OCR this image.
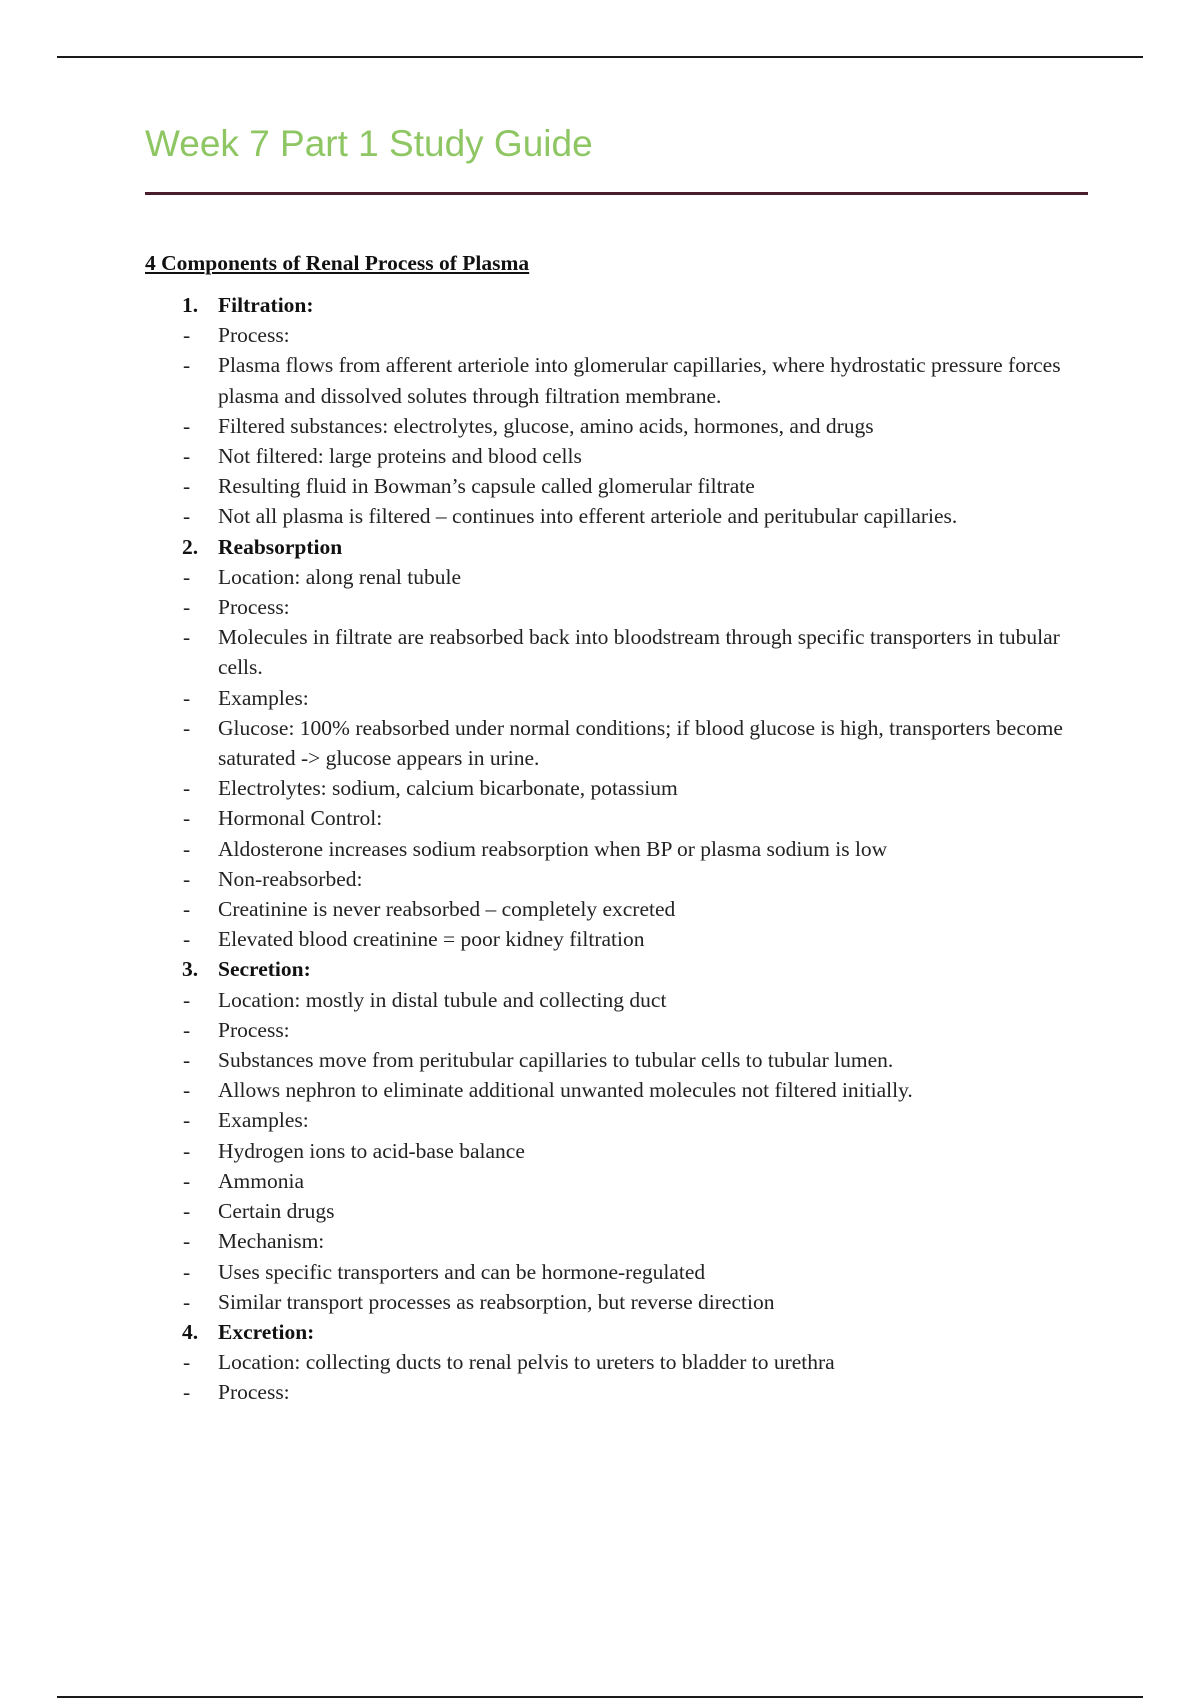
Week 7 Part 1 Study Guide
4 Components of Renal Process of Plasma
1. Filtration:
- Process:
- Plasma flows from afferent arteriole into glomerular capillaries, where hydrostatic pressure forces plasma and dissolved solutes through filtration membrane.
- Filtered substances: electrolytes, glucose, amino acids, hormones, and drugs
- Not filtered: large proteins and blood cells
- Resulting fluid in Bowman’s capsule called glomerular filtrate
- Not all plasma is filtered – continues into efferent arteriole and peritubular capillaries.
2. Reabsorption
- Location: along renal tubule
- Process:
- Molecules in filtrate are reabsorbed back into bloodstream through specific transporters in tubular cells.
- Examples:
- Glucose: 100% reabsorbed under normal conditions; if blood glucose is high, transporters become saturated -> glucose appears in urine.
- Electrolytes: sodium, calcium bicarbonate, potassium
- Hormonal Control:
- Aldosterone increases sodium reabsorption when BP or plasma sodium is low
- Non-reabsorbed:
- Creatinine is never reabsorbed – completely excreted
- Elevated blood creatinine = poor kidney filtration
3. Secretion:
- Location: mostly in distal tubule and collecting duct
- Process:
- Substances move from peritubular capillaries to tubular cells to tubular lumen.
- Allows nephron to eliminate additional unwanted molecules not filtered initially.
- Examples:
- Hydrogen ions to acid-base balance
- Ammonia
- Certain drugs
- Mechanism:
- Uses specific transporters and can be hormone-regulated
- Similar transport processes as reabsorption, but reverse direction
4. Excretion:
- Location: collecting ducts to renal pelvis to ureters to bladder to urethra
- Process:
